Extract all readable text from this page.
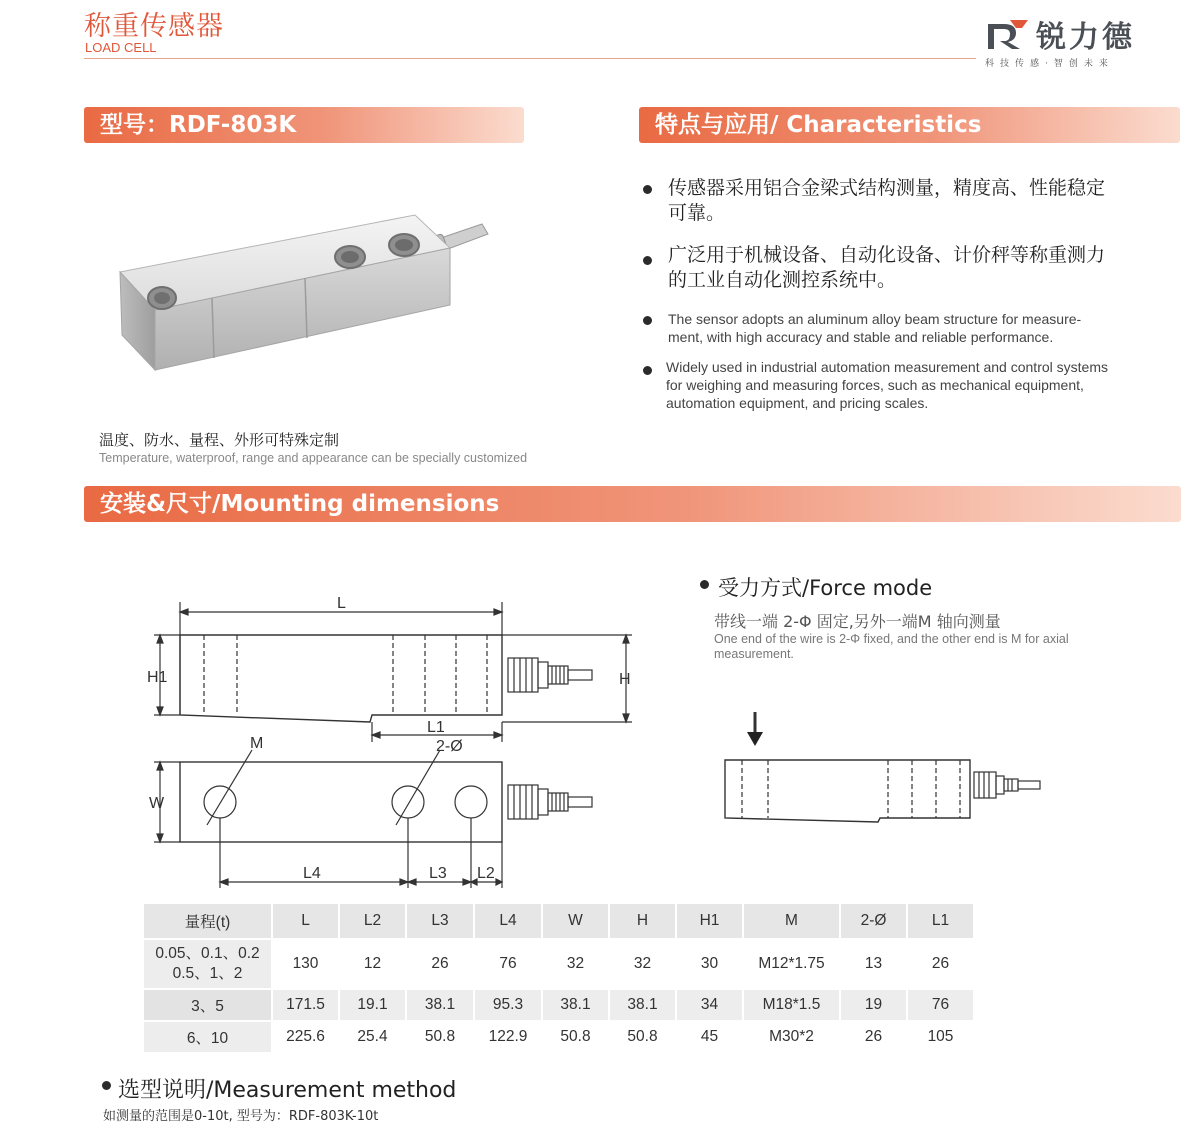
称重传感器
LOAD CELL	锐力德
科技传感·智创未来
型号：RDF-803K	特点与应用/ Characteristics
温度、防水、量程、外形可特殊定制
Temperature, waterproof, range and appearance can be specially customized
传感器采用铝合金梁式结构测量，精度高、性能稳定
可靠。
广泛用于机械设备、自动化设备、计价秤等称重测力
的工业自动化测控系统中。
The sensor adopts an aluminum alloy beam structure for measure-
ment, with high accuracy and stable and reliable performance.
Widely used in industrial automation measurement and control systems
for weighing and measuring forces, such as mechanical equipment,
automation equipment, and pricing scales.
安装&尺寸/Mounting dimensions
L
H1	H
L1
M	2-Ø
W
L4	L3 L2
受力方式/Force mode
带线一端 2-Φ 固定,另外一端M 轴向测量
One end of the wire is 2-Φ fixed, and the other end is M for axial measurement.
量程(t)	L	L2	L3	L4	W	H	H1	M	2-Ø	L1

0.05、0.1、0.2
0.5、1、2	130	12	26	76	32	32	30	M12*1.75	13	26
3、5	171.5	19.1	38.1	95.3	38.1	38.1	34	M18*1.5	19	76
6、10	225.6	25.4	50.8	122.9	50.8	50.8	45	M30*2	26	105
选型说明/Measurement method
如测量的范围是0-10t, 型号为：RDF-803K-10t
